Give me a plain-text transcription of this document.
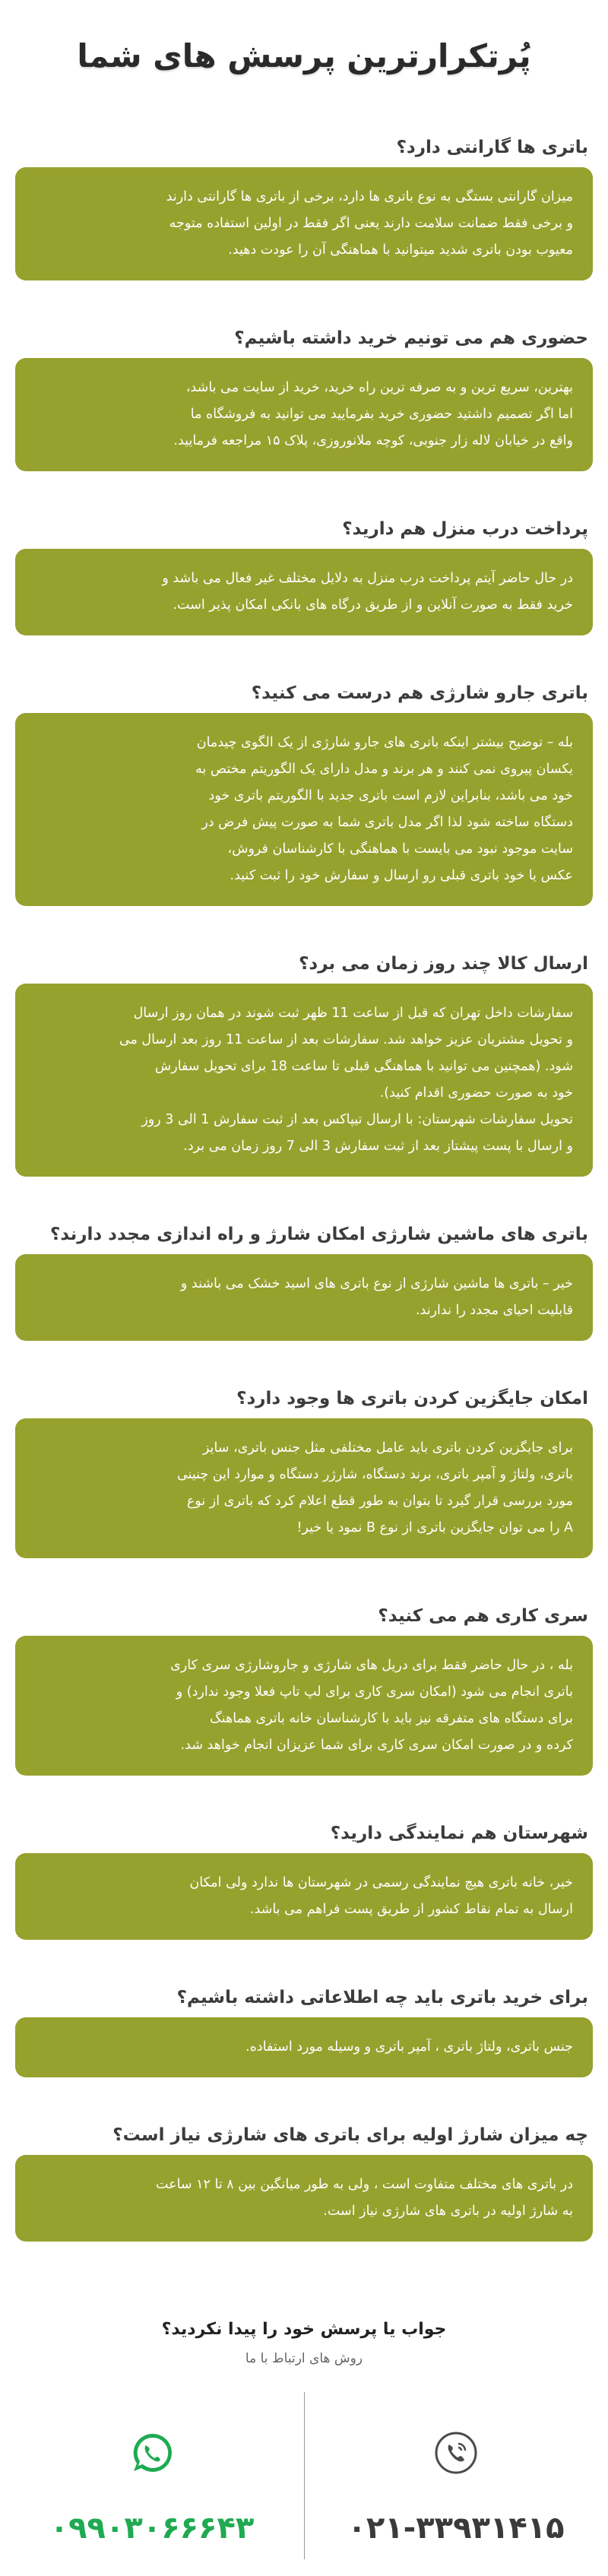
پُرتکرارترین پرسش های شما
باتری ها گارانتی دارد؟
میزان گارانتی بستگی به نوع باتری ها دارد، برخی از باتری ها گارانتی دارند
و برخی فقط ضمانت سلامت دارند یعنی اگر فقط در اولین استفاده متوجه
معیوب بودن باتری شدید میتوانید با هماهنگی آن را عودت دهید.
حضوری هم می تونیم خرید داشته باشیم؟
بهترین، سریع ترین و به صرفه ترین راه خرید، خرید از سایت می باشد،
اما اگر تصمیم داشتید حضوری خرید بفرمایید می توانید به فروشگاه ما
واقع در خیابان لاله زار جنوبی، کوچه ملانوروزی، پلاک ۱۵ مراجعه فرمایید.
پرداخت درب منزل هم دارید؟
در حال حاضر آیتم پرداخت درب منزل به دلایل مختلف غیر فعال می باشد و
خرید فقط به صورت آنلاین و از طریق درگاه های بانکی امکان پذیر است.
باتری جارو شارژی هم درست می کنید؟
بله – توضیح بیشتر اینکه باتری های جارو شارژی از یک الگوی چیدمان
یکسان پیروی نمی کنند و هر برند و مدل دارای یک الگوریتم مختص به
خود می باشد، بنابراین لازم است باتری جدید با الگوریتم باتری خود
دستگاه ساخته شود لذا اگر مدل باتری شما به صورت پیش فرض در
سایت موجود نبود می بایست با هماهنگی با کارشناسان فروش،
عکس یا خود باتری قبلی رو ارسال و سفارش خود را ثبت کنید.
ارسال کالا چند روز زمان می برد؟
سفارشات داخل تهران که قبل از ساعت 11 ظهر ثبت شوند در همان روز ارسال
و تحویل مشتریان عزیز خواهد شد. سفارشات بعد از ساعت 11 روز بعد ارسال می
شود. (همچنین می توانید با هماهنگی قبلی تا ساعت 18 برای تحویل سفارش
خود به صورت حضوری اقدام کنید).
تحویل سفارشات شهرستان: با ارسال تیپاکس بعد از ثبت سفارش 1 الی 3 روز
و ارسال با پست پیشتاز بعد از ثبت سفارش 3 الی 7 روز زمان می برد.
باتری های ماشین شارژی امکان شارژ و راه اندازی مجدد دارند؟
خیر – باتری ها ماشین شارژی از نوع باتری های اسید خشک می باشند و
قابلیت احیای مجدد را ندارند.
امکان جایگزین کردن باتری ها وجود دارد؟
برای جایگزین کردن باتری باید عامل مختلفی مثل جنس باتری، سایز
باتری، ولتاژ و آمپر باتری، برند دستگاه، شارژر دستگاه و موارد این چنینی
مورد بررسی قرار گیرد تا بتوان به طور قطع اعلام کرد که باتری از نوع
A را می توان جایگزین باتری از نوع B نمود یا خیر!
سری کاری هم می کنید؟
بله ، در حال حاضر فقط برای دریل های شارژی و جاروشارژی سری کاری
باتری انجام می شود (امکان سری کاری برای لپ تاپ فعلا وجود ندارد) و
برای دستگاه های متفرقه نیز باید با کارشناسان خانه باتری هماهنگ
کرده و در صورت امکان سری کاری برای شما عزیزان انجام خواهد شد.
شهرستان هم نمایندگی دارید؟
خیر، خانه باتری هیچ نمایندگی رسمی در شهرستان ها ندارد ولی امکان
ارسال به تمام نقاط کشور از طریق پست فراهم می باشد.
برای خرید باتری باید چه اطلاعاتی داشته باشیم؟
جنس باتری، ولتاژ باتری ، آمپر باتری و وسیله مورد استفاده.
چه میزان شارژ اولیه برای باتری های شارژی نیاز است؟
در باتری های مختلف متفاوت است ، ولی به طور میانگین بین ۸ تا ۱۲ ساعت
به شارژ اولیه در باتری های شارژی نیاز است.
جواب یا پرسش خود را پیدا نکردید؟
روش های ارتباط با ما
۰۲۱-۳۳۹۳۱۴۱۵
۰۹۹۰۳۰۶۶۶۴۳
